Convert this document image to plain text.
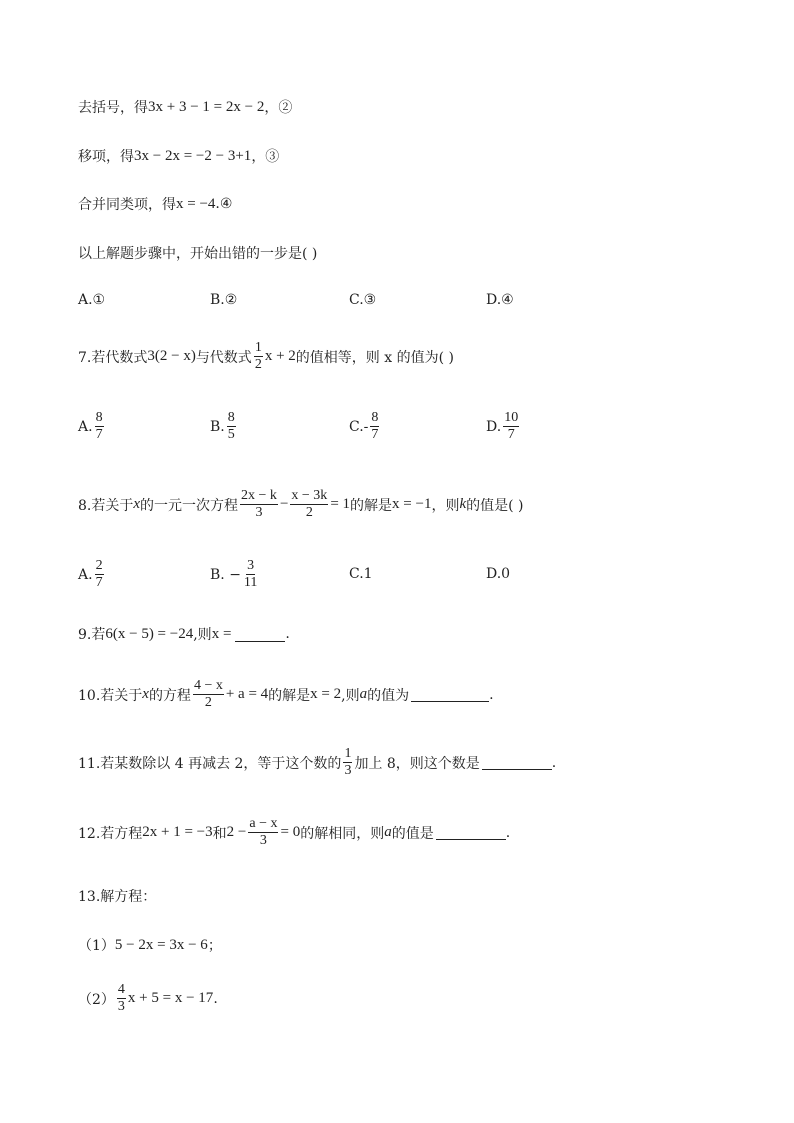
去括号，得 3x + 3 − 1 = 2x − 2 ，②
移项，得 3x − 2x = −2 − 3+1 ，③
合并同类项，得 x = −4 .④
以上解题步骤中，开始出错的一步是( )
A.①	B.②	C.③	D.④
7.若代数式 3(2 − x) 与代数式 $\frac{1}{2}$ x + 2 的值相等，则 x 的值为( )
A. $\frac{8}{7}$	B. $\frac{8}{5}$	$C.- \frac{8}{7}$	D. $\frac{10}{7}$
8.若关于 x 的一元一次方程 $\frac{2x - k}{3} - \frac{x - 3k}{2} = 1$ 的解是 x = −1 ，则 k 的值是( )
A. $\frac{2}{7}$	B. − $\frac{3}{11}$	C.1	D.0
9.若 6(x − 5) = −24 ,则 x =	.
10.若关于 x 的方程 $\frac{4 - x}{2} + a = 4$ 的解是 x = 2 ,则 a 的值为	.
11.若某数除以 4 再减去 2，等于这个数的 $\frac{1}{3}$ 加上 8，则这个数是	.
12.若方程 2x + 1 = −3 和 $2 - \frac{a - x}{3} = 0$ 的解相同，则 a 的值是	.
13.解方程：
（1） 5 − 2x = 3x − 6 ；
$(2) \frac{4}{3}$ x + 5 = x − 17 .
